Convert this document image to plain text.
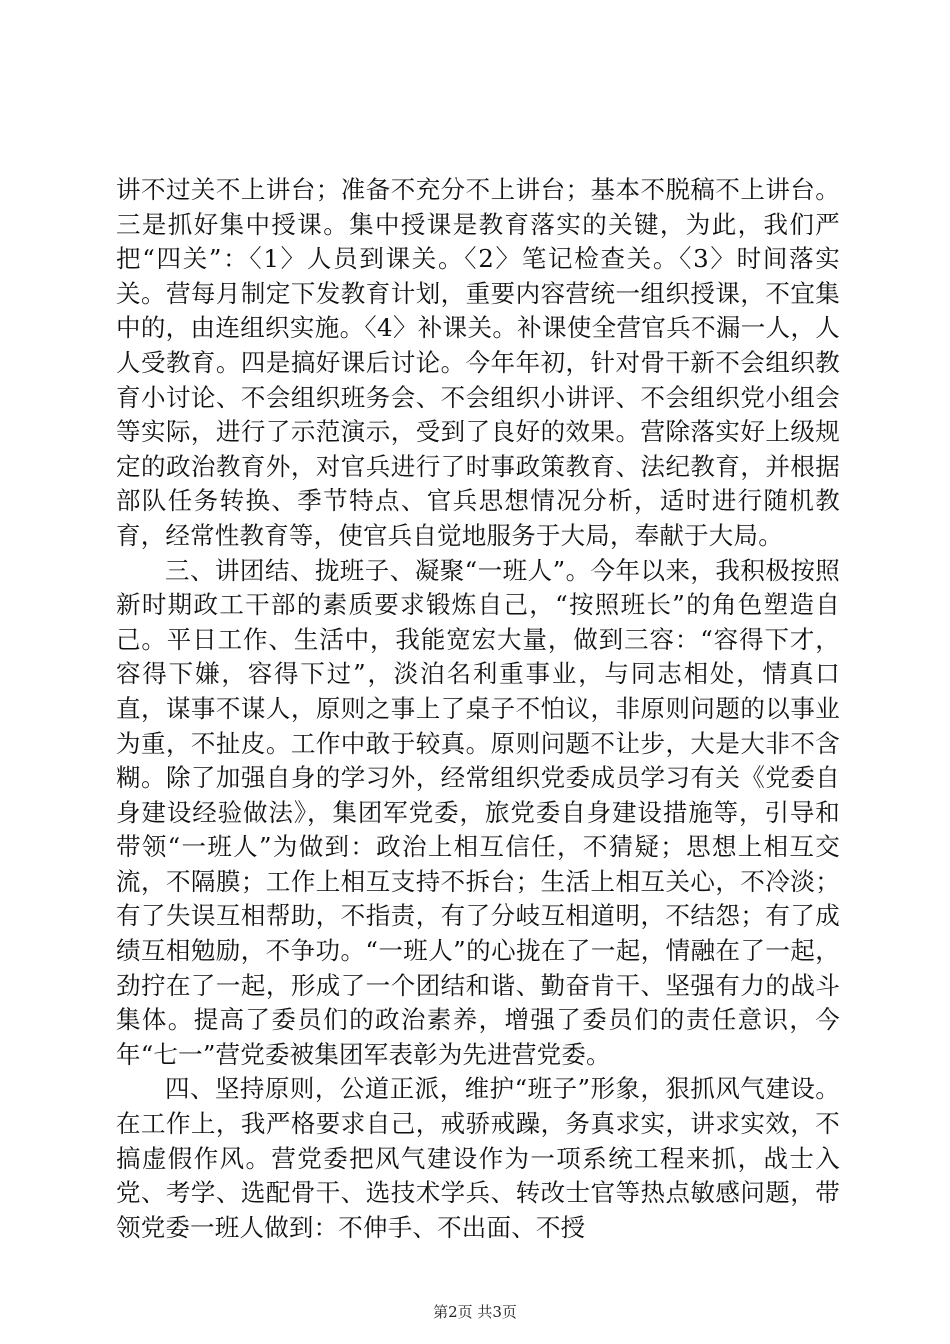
讲不过关不上讲台；准备不充分不上讲台；基本不脱稿不上讲台。三是抓好集中授课。集中授课是教育落实的关键，为此，我们严把“四关”：〈1〉人员到课关。〈2〉笔记检查关。〈3〉时间落实关。营每月制定下发教育计划，重要内容营统一组织授课，不宜集中的，由连组织实施。〈4〉补课关。补课使全营官兵不漏一人，人人受教育。四是搞好课后讨论。今年年初，针对骨干新不会组织教育小讨论、不会组织班务会、不会组织小讲评、不会组织党小组会等实际，进行了示范演示，受到了良好的效果。营除落实好上级规定的政治教育外，对官兵进行了时事政策教育、法纪教育，并根据部队任务转换、季节特点、官兵思想情况分析，适时进行随机教育，经常性教育等，使官兵自觉地服务于大局，奉献于大局。

三、讲团结、拢班子、凝聚“一班人”。今年以来，我积极按照新时期政工干部的素质要求锻炼自己，“按照班长”的角色塑造自己。平日工作、生活中，我能宽宏大量，做到三容：“容得下才，容得下嫌，容得下过”，淡泊名利重事业，与同志相处，情真口直，谋事不谋人，原则之事上了桌子不怕议，非原则问题的以事业为重，不扯皮。工作中敢于较真。原则问题不让步，大是大非不含糊。除了加强自身的学习外，经常组织党委成员学习有关《党委自身建设经验做法》，集团军党委，旅党委自身建设措施等，引导和带领“一班人”为做到：政治上相互信任，不猜疑；思想上相互交流，不隔膜；工作上相互支持不拆台；生活上相互关心，不冷淡；有了失误互相帮助，不指责，有了分岐互相道明，不结怨；有了成绩互相勉励，不争功。“一班人”的心拢在了一起，情融在了一起，劲拧在了一起，形成了一个团结和谐、勤奋肯干、坚强有力的战斗集体。提高了委员们的政治素养，增强了委员们的责任意识，今年“七一”营党委被集团军表彰为先进营党委。

四、坚持原则，公道正派，维护“班子”形象，狠抓风气建设。在工作上，我严格要求自己，戒骄戒躁，务真求实，讲求实效，不搞虚假作风。营党委把风气建设作为一项系统工程来抓，战士入党、考学、选配骨干、选技术学兵、转改士官等热点敏感问题，带领党委一班人做到：不伸手、不出面、不授

第2页 共3页
